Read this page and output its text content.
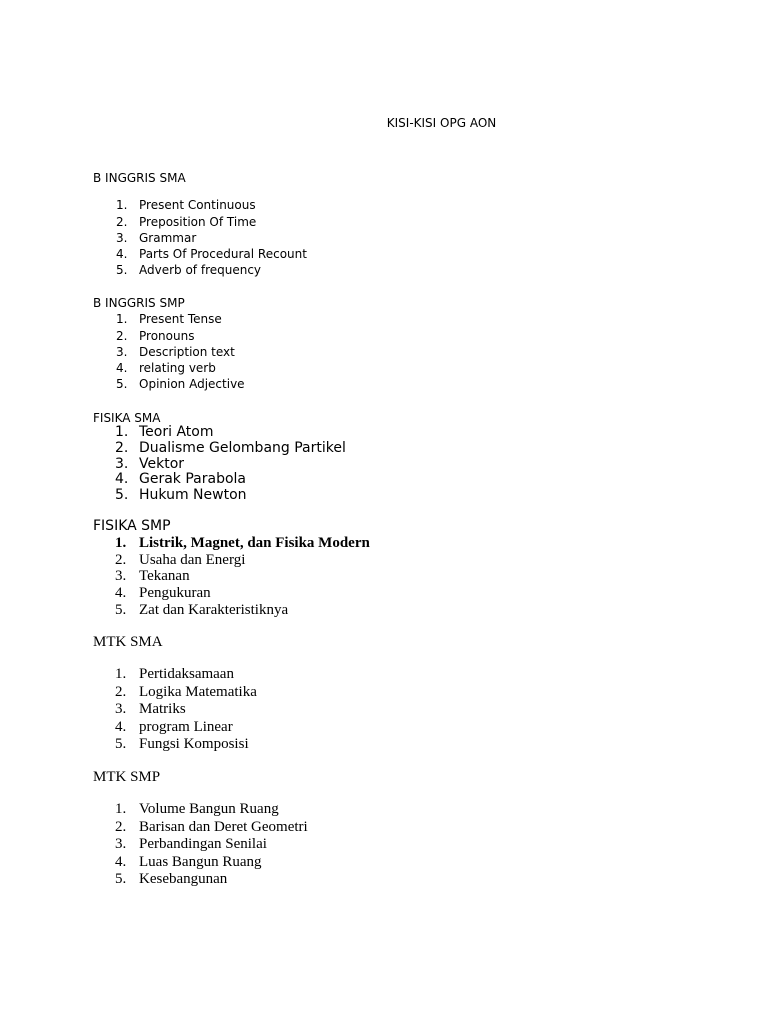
KISI-KISI OPG AON

B INGGRIS SMA

1. Present Continuous
2. Preposition Of Time
3. Grammar
4. Parts Of Procedural Recount
5. Adverb of frequency

B INGGRIS SMP

1. Present Tense
2. Pronouns
3. Description text
4. relating verb
5. Opinion Adjective

FISIKA SMA

1. Teori Atom
2. Dualisme Gelombang Partikel
3. Vektor
4. Gerak Parabola
5. Hukum Newton

FISIKA SMP

1. Listrik, Magnet, dan Fisika Modern
2. Usaha dan Energi
3. Tekanan
4. Pengukuran
5. Zat dan Karakteristiknya

MTK SMA

1. Pertidaksamaan
2. Logika Matematika
3. Matriks
4. program Linear
5. Fungsi Komposisi

MTK SMP

1. Volume Bangun Ruang
2. Barisan dan Deret Geometri
3. Perbandingan Senilai
4. Luas Bangun Ruang
5. Kesebangunan
